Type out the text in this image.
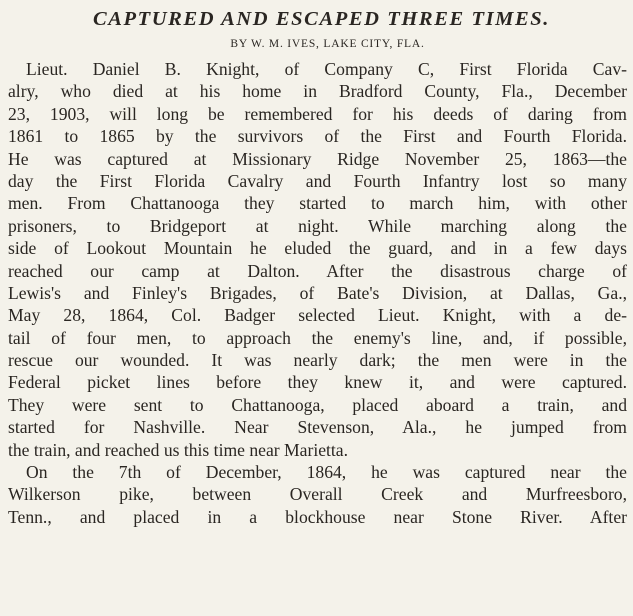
CAPTURED AND ESCAPED THREE TIMES.
BY W. M. IVES, LAKE CITY, FLA.

Lieut. Daniel B. Knight, of Company C, First Florida Cav-
alry, who died at his home in Bradford County, Fla., December
23, 1903, will long be remembered for his deeds of daring from
1861 to 1865 by the survivors of the First and Fourth Florida.
He was captured at Missionary Ridge November 25, 1863—the
day the First Florida Cavalry and Fourth Infantry lost so many
men. From Chattanooga they started to march him, with other
prisoners, to Bridgeport at night. While marching along the
side of Lookout Mountain he eluded the guard, and in a few days
reached our camp at Dalton. After the disastrous charge of
Lewis's and Finley's Brigades, of Bate's Division, at Dallas, Ga.,
May 28, 1864, Col. Badger selected Lieut. Knight, with a de-
tail of four men, to approach the enemy's line, and, if possible,
rescue our wounded. It was nearly dark; the men were in the
Federal picket lines before they knew it, and were captured.
They were sent to Chattanooga, placed aboard a train, and
started for Nashville. Near Stevenson, Ala., he jumped from
the train, and reached us this time near Marietta.

On the 7th of December, 1864, he was captured near the
Wilkerson pike, between Overall Creek and Murfreesboro,
Tenn., and placed in a blockhouse near Stone River. After
